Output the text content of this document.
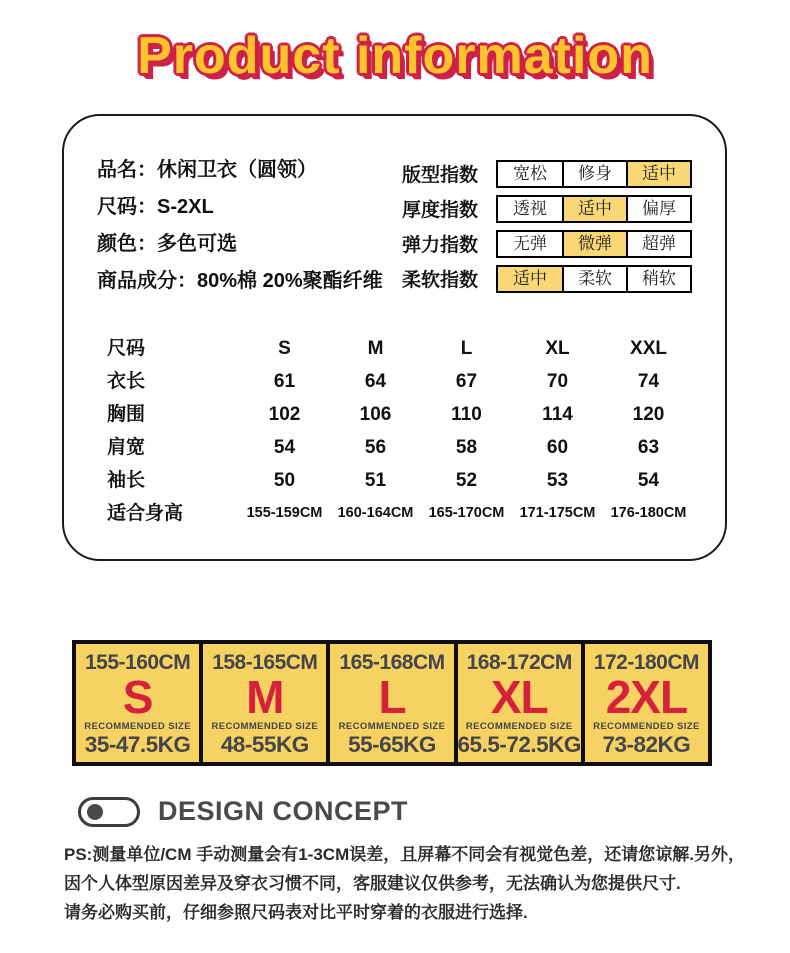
Product information
品名：休闲卫衣（圆领）
尺码：S-2XL
颜色：多色可选
商品成分：80%棉 20%聚酯纤维
版型指数	宽松	修身	适中
厚度指数	透视	适中	偏厚
弹力指数	无弹	微弹	超弹
柔软指数	适中	柔软	稍软
尺码	S	M	L	XL	XXL
衣长	61	64	67	70	74
胸围	102	106	110	114	120
肩宽	54	56	58	60	63
袖长	50	51	52	53	54
适合身高	155-159CM	160-164CM	165-170CM	171-175CM	176-180CM
155-160CM
S
RECOMMENDED SIZE
35-47.5KG
158-165CM
M
RECOMMENDED SIZE
48-55KG
165-168CM
L
RECOMMENDED SIZE
55-65KG
168-172CM
XL
RECOMMENDED SIZE
65.5-72.5KG
172-180CM
2XL
RECOMMENDED SIZE
73-82KG
DESIGN CONCEPT
PS:测量单位/CM 手动测量会有1-3CM误差，且屏幕不同会有视觉色差，还请您谅解.另外，
因个人体型原因差异及穿衣习惯不同，客服建议仅供参考，无法确认为您提供尺寸.
请务必购买前，仔细参照尺码表对比平时穿着的衣服进行选择.
